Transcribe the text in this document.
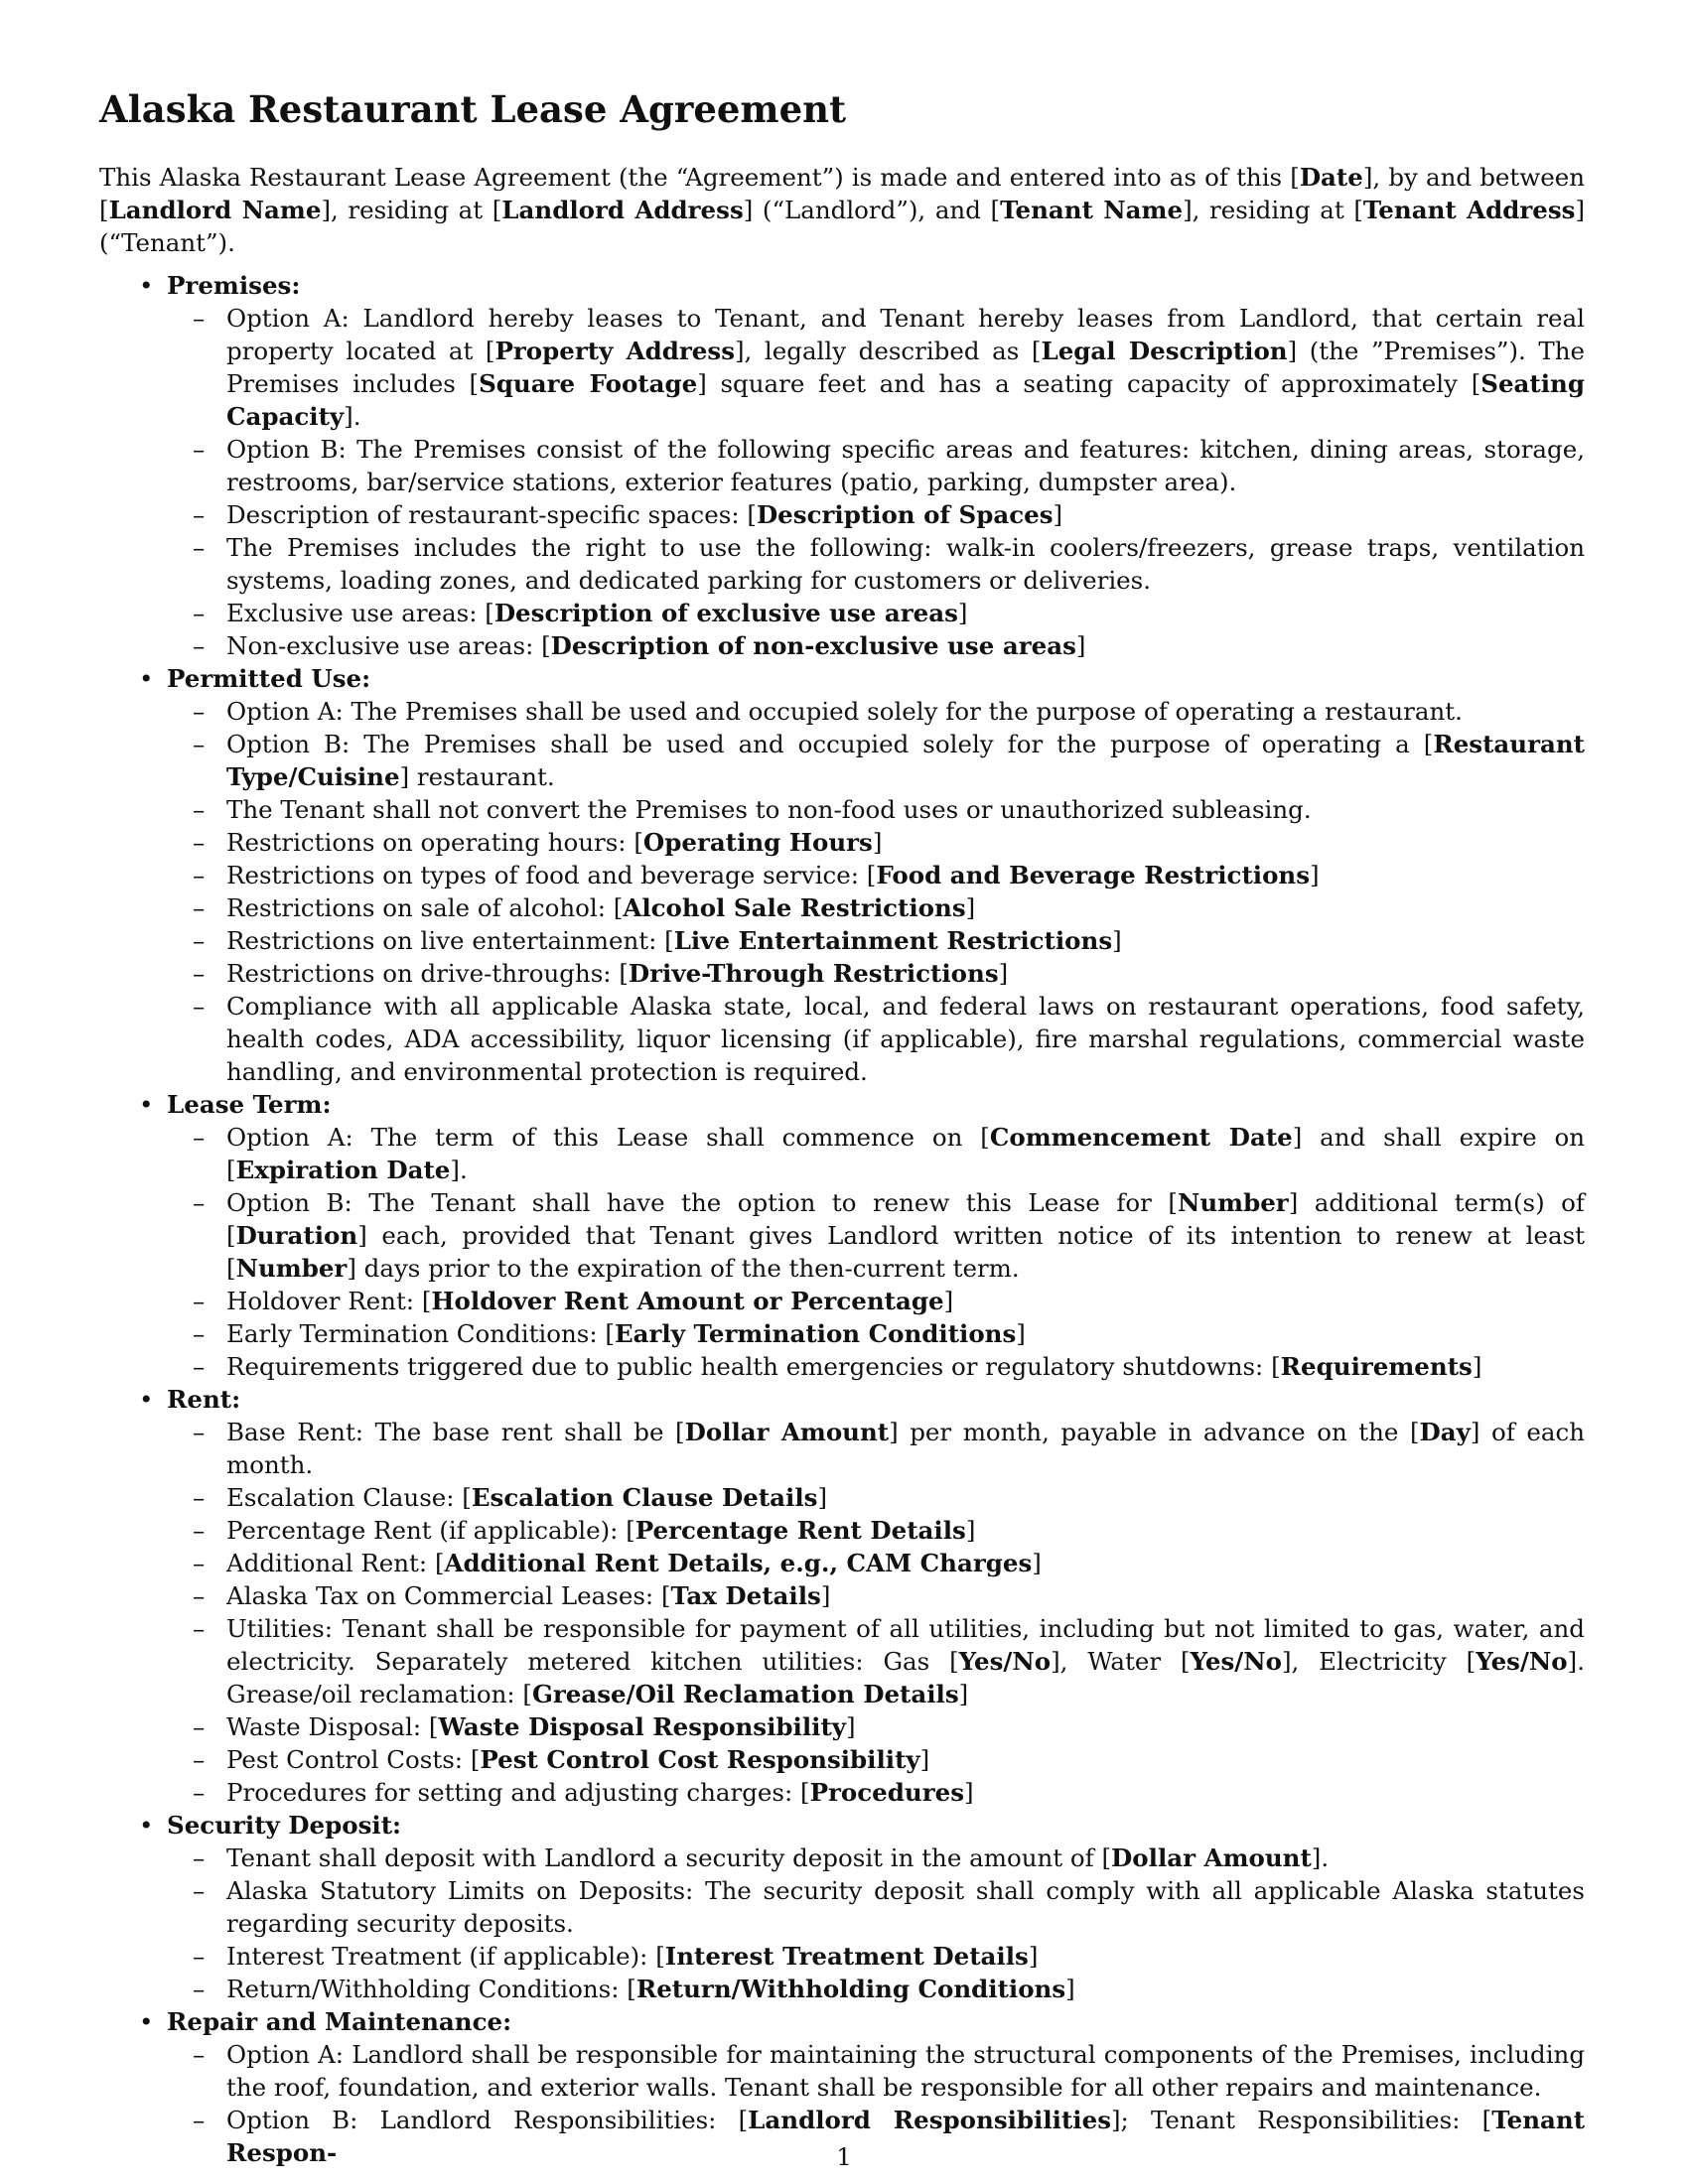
Alaska Restaurant Lease Agreement

This Alaska Restaurant Lease Agreement (the “Agreement”) is made and entered into as of this [Date], by and between [Landlord Name], residing at [Landlord Address] (“Landlord”), and [Tenant Name], residing at [Tenant Address] (“Tenant”).

• Premises:
– Option A: Landlord hereby leases to Tenant, and Tenant hereby leases from Landlord, that certain real property located at [Property Address], legally described as [Legal Description] (the ”Premises”). The Premises includes [Square Footage] square feet and has a seating capacity of approximately [Seating Capacity].
– Option B: The Premises consist of the following specific areas and features: kitchen, dining areas, storage, restrooms, bar/service stations, exterior features (patio, parking, dumpster area).
– Description of restaurant-specific spaces: [Description of Spaces]
– The Premises includes the right to use the following: walk-in coolers/freezers, grease traps, ventilation systems, loading zones, and dedicated parking for customers or deliveries.
– Exclusive use areas: [Description of exclusive use areas]
– Non-exclusive use areas: [Description of non-exclusive use areas]
• Permitted Use:
– Option A: The Premises shall be used and occupied solely for the purpose of operating a restaurant.
– Option B: The Premises shall be used and occupied solely for the purpose of operating a [Restaurant Type/Cuisine] restaurant.
– The Tenant shall not convert the Premises to non-food uses or unauthorized subleasing.
– Restrictions on operating hours: [Operating Hours]
– Restrictions on types of food and beverage service: [Food and Beverage Restrictions]
– Restrictions on sale of alcohol: [Alcohol Sale Restrictions]
– Restrictions on live entertainment: [Live Entertainment Restrictions]
– Restrictions on drive-throughs: [Drive-Through Restrictions]
– Compliance with all applicable Alaska state, local, and federal laws on restaurant operations, food safety, health codes, ADA accessibility, liquor licensing (if applicable), fire marshal regulations, commercial waste handling, and environmental protection is required.
• Lease Term:
– Option A: The term of this Lease shall commence on [Commencement Date] and shall expire on [Expiration Date].
– Option B: The Tenant shall have the option to renew this Lease for [Number] additional term(s) of [Duration] each, provided that Tenant gives Landlord written notice of its intention to renew at least [Number] days prior to the expiration of the then-current term.
– Holdover Rent: [Holdover Rent Amount or Percentage]
– Early Termination Conditions: [Early Termination Conditions]
– Requirements triggered due to public health emergencies or regulatory shutdowns: [Requirements]
• Rent:
– Base Rent: The base rent shall be [Dollar Amount] per month, payable in advance on the [Day] of each month.
– Escalation Clause: [Escalation Clause Details]
– Percentage Rent (if applicable): [Percentage Rent Details]
– Additional Rent: [Additional Rent Details, e.g., CAM Charges]
– Alaska Tax on Commercial Leases: [Tax Details]
– Utilities: Tenant shall be responsible for payment of all utilities, including but not limited to gas, water, and electricity. Separately metered kitchen utilities: Gas [Yes/No], Water [Yes/No], Electricity [Yes/No]. Grease/oil reclamation: [Grease/Oil Reclamation Details]
– Waste Disposal: [Waste Disposal Responsibility]
– Pest Control Costs: [Pest Control Cost Responsibility]
– Procedures for setting and adjusting charges: [Procedures]
• Security Deposit:
– Tenant shall deposit with Landlord a security deposit in the amount of [Dollar Amount].
– Alaska Statutory Limits on Deposits: The security deposit shall comply with all applicable Alaska statutes regarding security deposits.
– Interest Treatment (if applicable): [Interest Treatment Details]
– Return/Withholding Conditions: [Return/Withholding Conditions]
• Repair and Maintenance:
– Option A: Landlord shall be responsible for maintaining the structural components of the Premises, including the roof, foundation, and exterior walls. Tenant shall be responsible for all other repairs and maintenance.
– Option B: Landlord Responsibilities: [Landlord Responsibilities]; Tenant Responsibilities: [Tenant Respon-	1
